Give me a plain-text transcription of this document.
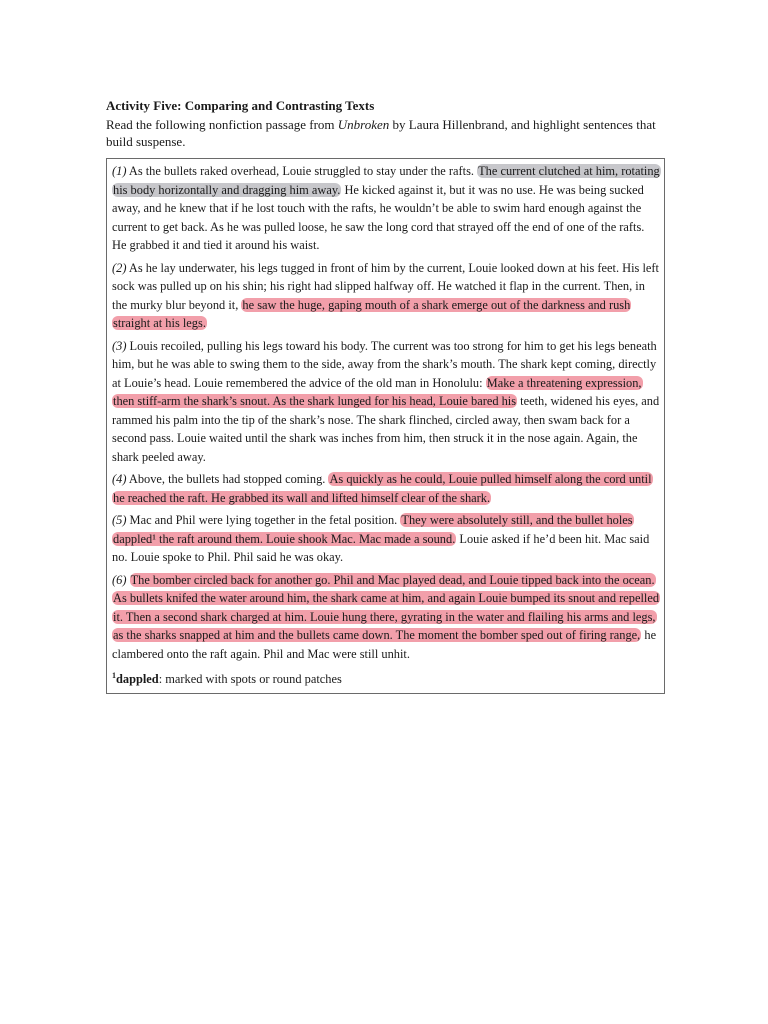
Activity Five: Comparing and Contrasting Texts

Read the following nonfiction passage from Unbroken by Laura Hillenbrand, and highlight sentences that build suspense.

(1) As the bullets raked overhead, Louie struggled to stay under the rafts. The current clutched at him, rotating his body horizontally and dragging him away. He kicked against it, but it was no use. He was being sucked away, and he knew that if he lost touch with the rafts, he wouldn’t be able to swim hard enough against the current to get back. As he was pulled loose, he saw the long cord that strayed off the end of one of the rafts. He grabbed it and tied it around his waist.

(2) As he lay underwater, his legs tugged in front of him by the current, Louie looked down at his feet. His left sock was pulled up on his shin; his right had slipped halfway off. He watched it flap in the current. Then, in the murky blur beyond it, he saw the huge, gaping mouth of a shark emerge out of the darkness and rush straight at his legs.

(3) Louis recoiled, pulling his legs toward his body. The current was too strong for him to get his legs beneath him, but he was able to swing them to the side, away from the shark’s mouth. The shark kept coming, directly at Louie’s head. Louie remembered the advice of the old man in Honolulu: Make a threatening expression, then stiff-arm the shark’s snout. As the shark lunged for his head, Louie bared his teeth, widened his eyes, and rammed his palm into the tip of the shark’s nose. The shark flinched, circled away, then swam back for a second pass. Louie waited until the shark was inches from him, then struck it in the nose again. Again, the shark peeled away.

(4) Above, the bullets had stopped coming. As quickly as he could, Louie pulled himself along the cord until he reached the raft. He grabbed its wall and lifted himself clear of the shark.

(5) Mac and Phil were lying together in the fetal position. They were absolutely still, and the bullet holes dappled¹ the raft around them. Louie shook Mac. Mac made a sound. Louie asked if he’d been hit. Mac said no. Louie spoke to Phil. Phil said he was okay.

(6) The bomber circled back for another go. Phil and Mac played dead, and Louie tipped back into the ocean. As bullets knifed the water around him, the shark came at him, and again Louie bumped its snout and repelled it. Then a second shark charged at him. Louie hung there, gyrating in the water and flailing his arms and legs, as the sharks snapped at him and the bullets came down. The moment the bomber sped out of firing range, he clambered onto the raft again. Phil and Mac were still unhit.

$^1$dappled: marked with spots or round patches
